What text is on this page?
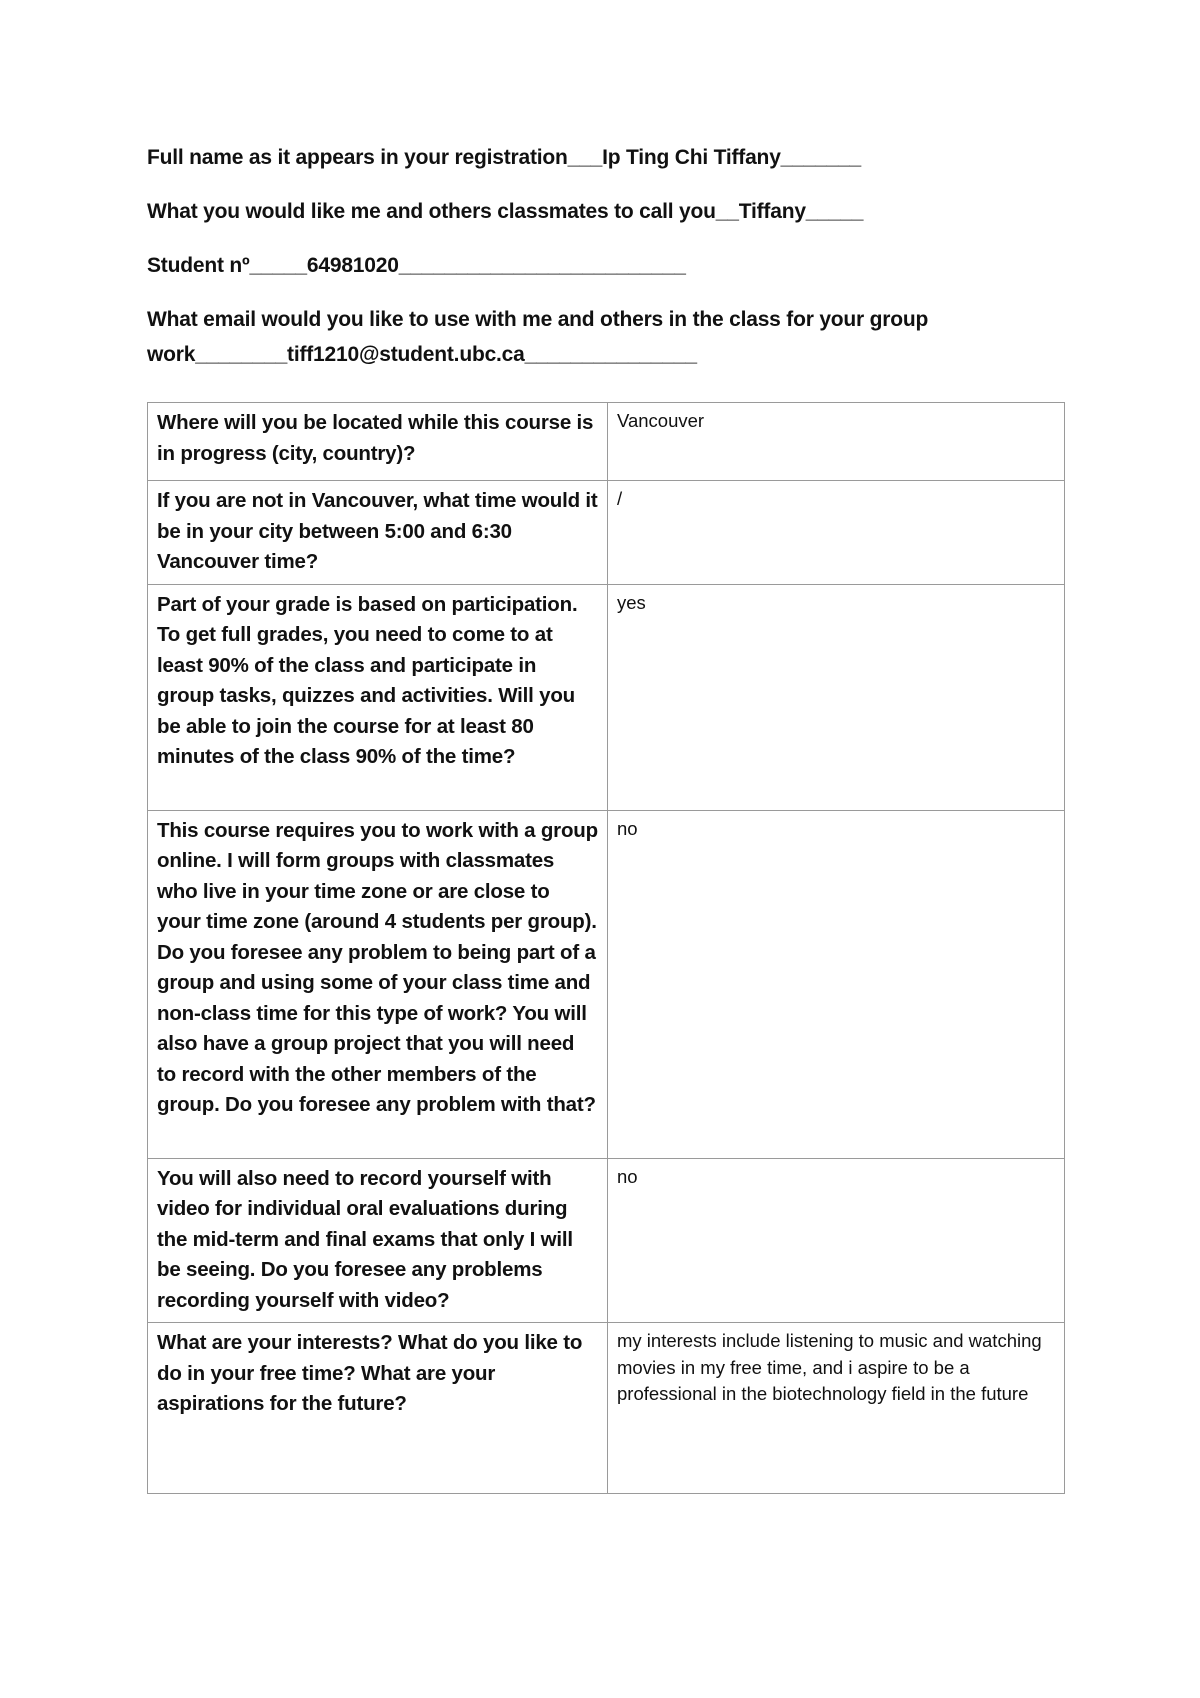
Full name as it appears in your registration___Ip Ting Chi Tiffany_______
What you would like me and others classmates to call you__Tiffany_____
Student nº_____64981020_________________________
What email would you like to use with me and others in the class for your group work________tiff1210@student.ubc.ca_______________
Where will you be located while this course is in progress (city, country)?	Vancouver
If you are not in Vancouver, what time would it be in your city between 5:00 and 6:30 Vancouver time?	/
Part of your grade is based on participation. To get full grades, you need to come to at least 90% of the class and participate in group tasks, quizzes and activities. Will you be able to join the course for at least 80 minutes of the class 90% of the time?	yes
This course requires you to work with a group online. I will form groups with classmates who live in your time zone or are close to your time zone (around 4 students per group). Do you foresee any problem to being part of a group and using some of your class time and non-class time for this type of work? You will also have a group project that you will need to record with the other members of the group. Do you foresee any problem with that?	no
You will also need to record yourself with video for individual oral evaluations during the mid-term and final exams that only I will be seeing. Do you foresee any problems recording yourself with video?	no
What are your interests? What do you like to do in your free time? What are your aspirations for the future?	my interests include listening to music and watching movies in my free time, and i aspire to be a professional in the biotechnology field in the future
